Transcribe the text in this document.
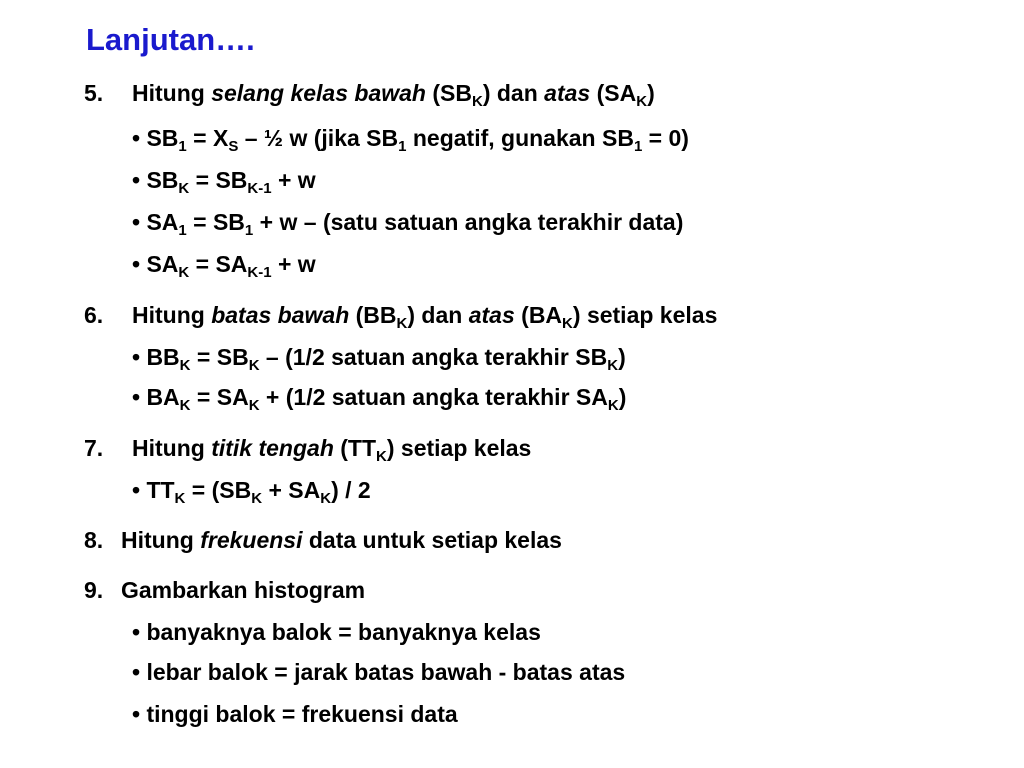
Lanjutan….
5. Hitung selang kelas bawah $(SB_K)$ dan atas $(SA_K)$
• $SB_1 = X_S$ – ½ w (jika $SB_1$ negatif, gunakan $SB_1 = 0$)
• $SB_K = SB_{K-1} + w$
• $SA_1 = SB_1 + w$ – (satu satuan angka terakhir data)
• $SA_K = SA_{K-1} + w$
6. Hitung batas bawah $(BB_K)$ dan atas $(BA_K)$ setiap kelas
• $BB_K = SB_K - (1/2$ satuan angka terakhir $SB_K$)
• $BA_K = SA_K + (1/2$ satuan angka terakhir $SA_K$)
7. Hitung titik tengah $(TT_K)$ setiap kelas
• $TT_K = (SB_K + SA_K) / 2$
8. Hitung frekuensi data untuk setiap kelas
9. Gambarkan histogram
• banyaknya balok = banyaknya kelas
• lebar balok = jarak batas bawah - batas atas
• tinggi balok = frekuensi data
